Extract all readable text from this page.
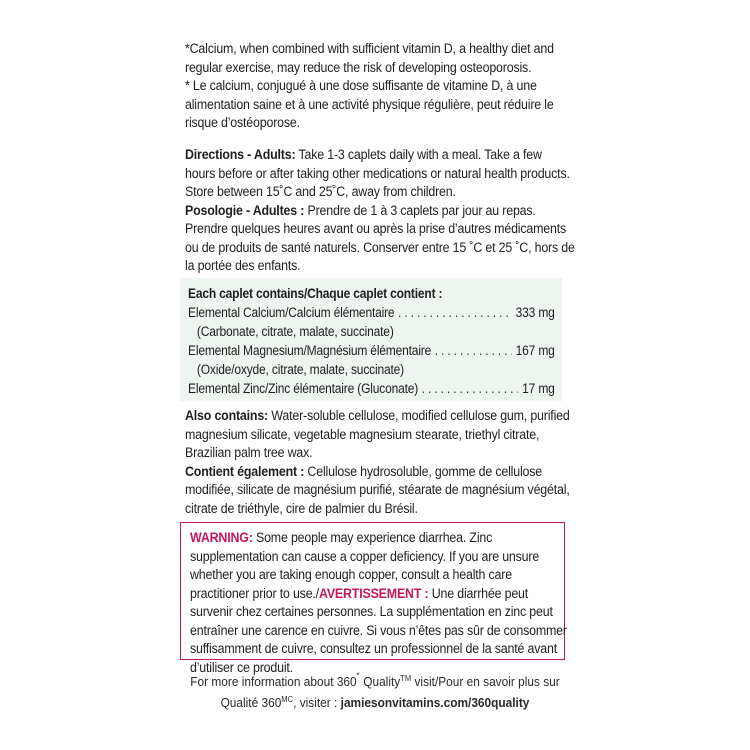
*Calcium, when combined with sufficient vitamin D, a healthy diet and regular exercise, may reduce the risk of developing osteoporosis.

* Le calcium, conjugué à une dose suffisante de vitamine D, à une alimentation saine et à une activité physique régulière, peut réduire le risque d’ostéoporose.

Directions - Adults: Take 1-3 caplets daily with a meal. Take a few hours before or after taking other medications or natural health products. Store between 15˚C and 25˚C, away from children.

Posologie - Adultes : Prendre de 1 à 3 caplets par jour au repas. Prendre quelques heures avant ou après la prise d’autres médicaments ou de produits de santé naturels. Conserver entre 15 ˚C et 25 ˚C, hors de la portée des enfants.

Each caplet contains/Chaque caplet contient :
Elemental Calcium/Calcium élémentaire . . .	333 mg
(Carbonate, citrate, malate, succinate)
Elemental Magnesium/Magnésium élémentaire . . .	167 mg
(Oxide/oxyde, citrate, malate, succinate)
Elemental Zinc/Zinc élémentaire (Gluconate) . . .	17 mg

Also contains: Water-soluble cellulose, modified cellulose gum, purified magnesium silicate, vegetable magnesium stearate, triethyl citrate, Brazilian palm tree wax.

Contient également : Cellulose hydrosoluble, gomme de cellulose modifiée, silicate de magnésium purifié, stéarate de magnésium végétal, citrate de triéthyle, cire de palmier du Brésil.

WARNING: Some people may experience diarrhea. Zinc supplementation can cause a copper deficiency. If you are unsure whether you are taking enough copper, consult a health care practitioner prior to use./AVERTISSEMENT : Une diarrhée peut survenir chez certaines personnes. La supplémentation en zinc peut entraîner une carence en cuivre. Si vous n’êtes pas sûr de consommer suffisamment de cuivre, consultez un professionnel de la santé avant d’utiliser ce produit.

For more information about 360˚ Quality™ visit/Pour en savoir plus sur

Qualité $360^{MC}$, visiter : jamiesonvitamins.com/360quality
